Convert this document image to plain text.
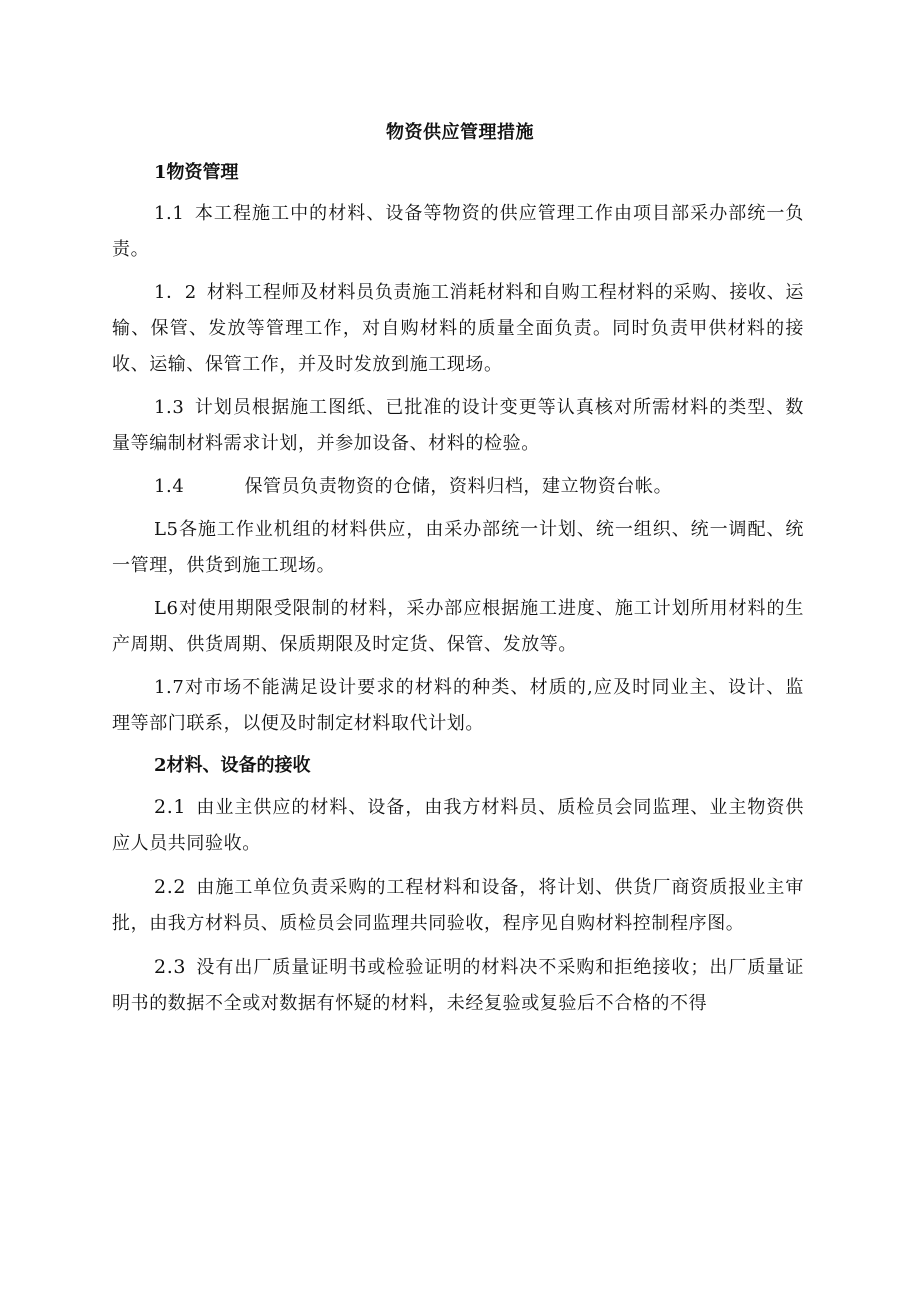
物资供应管理措施
1物资管理

1.1 本工程施工中的材料、设备等物资的供应管理工作由项目部采办部统一负责。

1．2 材料工程师及材料员负责施工消耗材料和自购工程材料的采购、接收、运输、保管、发放等管理工作，对自购材料的质量全面负责。同时负责甲供材料的接收、运输、保管工作，并及时发放到施工现场。

1.3 计划员根据施工图纸、已批准的设计变更等认真核对所需材料的类型、数量等编制材料需求计划，并参加设备、材料的检验。

1.4	保管员负责物资的仓储，资料归档，建立物资台帐。

L5各施工作业机组的材料供应，由采办部统一计划、统一组织、统一调配、统一管理，供货到施工现场。

L6对使用期限受限制的材料，采办部应根据施工进度、施工计划所用材料的生产周期、供货周期、保质期限及时定货、保管、发放等。

1.7对市场不能满足设计要求的材料的种类、材质的,应及时同业主、设计、监理等部门联系，以便及时制定材料取代计划。

2材料、设备的接收

2.1 由业主供应的材料、设备，由我方材料员、质检员会同监理、业主物资供应人员共同验收。

2.2 由施工单位负责采购的工程材料和设备，将计划、供货厂商资质报业主审批，由我方材料员、质检员会同监理共同验收，程序见自购材料控制程序图。

2.3 没有出厂质量证明书或检验证明的材料决不采购和拒绝接收；出厂质量证明书的数据不全或对数据有怀疑的材料，未经复验或复验后不合格的不得
